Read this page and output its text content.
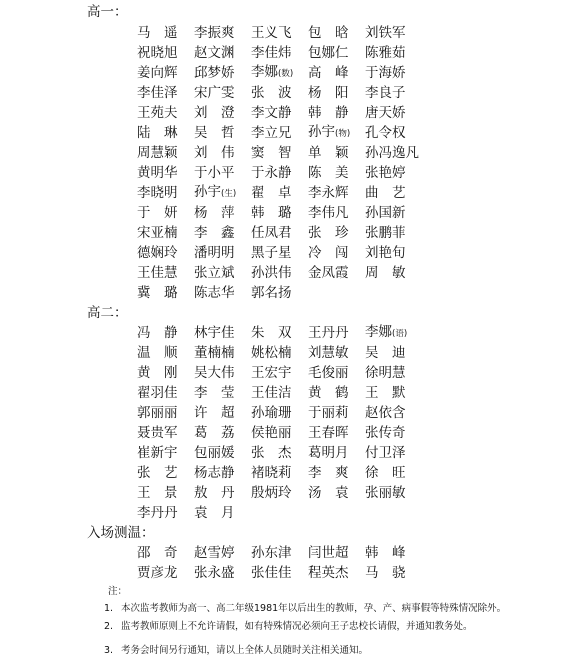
高一：
马　遥	李振爽	王义飞	包　晗	刘铁军
祝晓旭	赵文渊	李佳炜	包娜仁	陈雅茹
姜向辉	邱梦娇	李娜(数)	高　峰	于海娇
李佳泽	宋广雯	张　波	杨　阳	李良子
王苑夫	刘　澄	李文静	韩　静	唐天娇
陆　琳	吴　哲	李立兄	孙宇(物)	孔令权
周慧颖	刘　伟	窦　智	单　颖	孙冯逸凡
黄明华	于小平	于永静	陈　美	张艳婷
李晓明	孙宇(生)	翟　卓	李永辉	曲　艺
于　妍	杨　萍	韩　璐	李伟凡	孙国新
宋亚楠	李　鑫	任凤君	张　珍	张鹏菲
德娴玲	潘明明	黑子星	冷　闯	刘艳旬
王佳慧	张立斌	孙洪伟	金凤霞	周　敏
冀　璐	陈志华	郭名扬
高二：
冯　静	林宇佳	朱　双	王丹丹	李娜(语)
温　顺	董楠楠	姚松楠	刘慧敏	吴　迪
黄　刚	吴大伟	王宏宇	毛俊丽	徐明慧
翟羽佳	李　莹	王佳洁	黄　鹤	王　默
郭丽丽	许　超	孙瑜珊	于丽莉	赵依含
聂贵军	葛　荔	侯艳丽	王春晖	张传奇
崔新宇	包丽媛	张　杰	葛明月	付卫泽
张　艺	杨志静	褚晓莉	李　爽	徐　旺
王　景	敖　丹	殷炳玲	汤　袁	张丽敏
李丹丹	袁　月
入场测温：
邵　奇	赵雪婷	孙东津	闫世超	韩　峰
贾彦龙	张永盛	张佳佳	程英杰	马　骁
注：
1. 本次监考教师为高一、高二年级1981年以后出生的教师，孕、产、病事假等特殊情况除外。
2. 监考教师原则上不允许请假，如有特殊情况必须向王子忠校长请假，并通知教务处。
3. 考务会时间另行通知，请以上全体人员随时关注相关通知。
